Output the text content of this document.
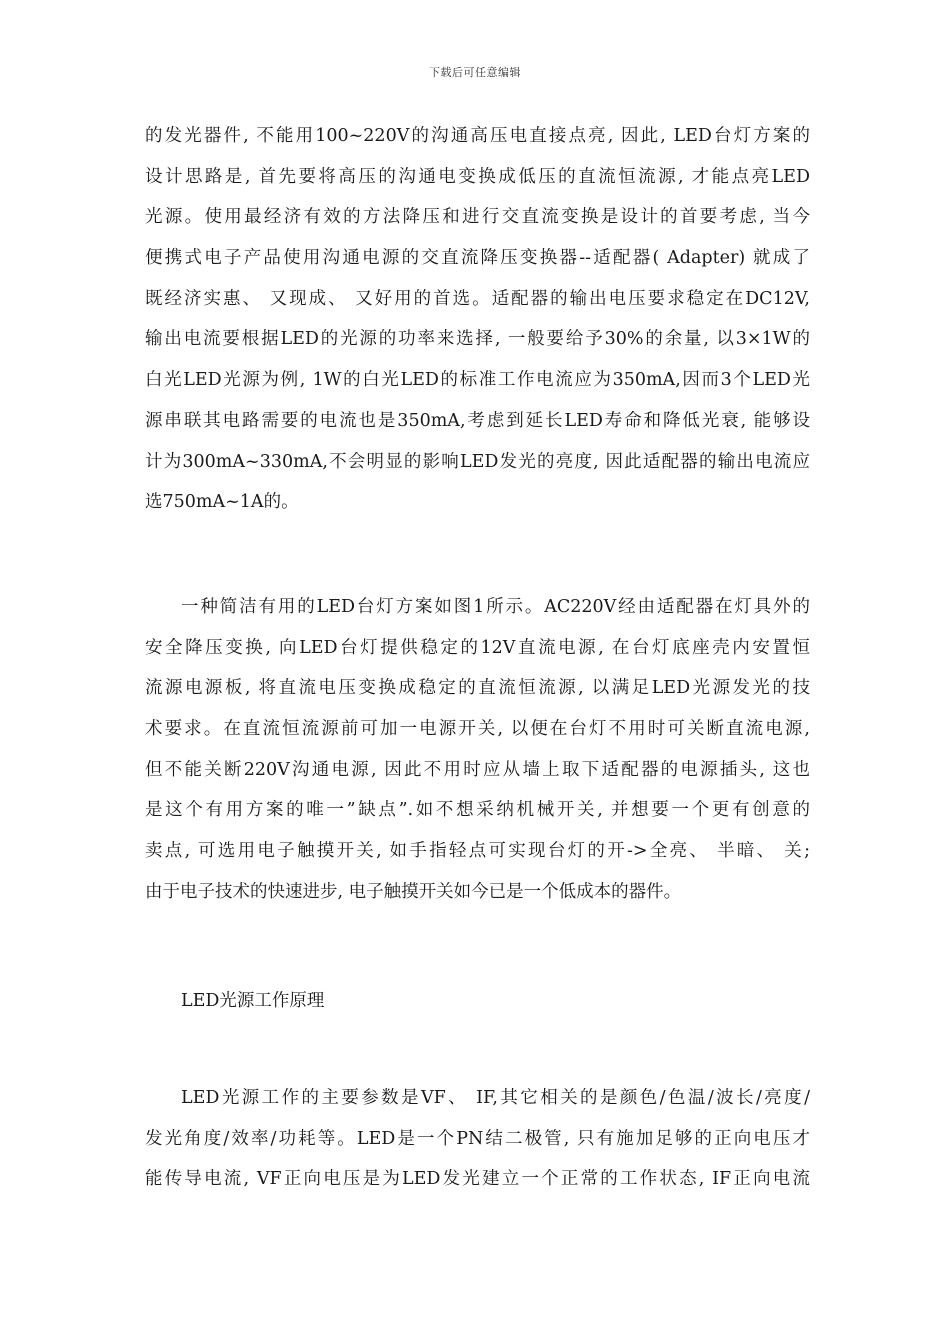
下载后可任意编辑
的发光器件, 不能用100~220V的沟通高压电直接点亮, 因此, LED台灯方案的
设计思路是, 首先要将高压的沟通电变换成低压的直流恒流源, 才能点亮LED
光源。使用最经济有效的方法降压和进行交直流变换是设计的首要考虑, 当今
便携式电子产品使用沟通电源的交直流降压变换器--适配器( Adapter) 就成了
既经济实惠、 又现成、 又好用的首选。适配器的输出电压要求稳定在DC12V,
输出电流要根据LED的光源的功率来选择, 一般要给予30%的余量, 以3×1W的
白光LED光源为例, 1W的白光LED的标准工作电流应为350mA,因而3个LED光
源串联其电路需要的电流也是350mA,考虑到延长LED寿命和降低光衰, 能够设
计为300mA~330mA,不会明显的影响LED发光的亮度, 因此适配器的输出电流应
选750mA~1A的。
一种简洁有用的LED台灯方案如图1所示。AC220V经由适配器在灯具外的
安全降压变换, 向LED台灯提供稳定的12V直流电源, 在台灯底座壳内安置恒
流源电源板, 将直流电压变换成稳定的直流恒流源, 以满足LED光源发光的技
术要求。在直流恒流源前可加一电源开关, 以便在台灯不用时可关断直流电源,
但不能关断220V沟通电源, 因此不用时应从墙上取下适配器的电源插头, 这也
是这个有用方案的唯一”缺点”.如不想采纳机械开关, 并想要一个更有创意的
卖点, 可选用电子触摸开关, 如手指轻点可实现台灯的开->全亮、 半暗、 关;
由于电子技术的快速进步, 电子触摸开关如今已是一个低成本的器件。
LED光源工作原理
LED光源工作的主要参数是VF、 IF,其它相关的是颜色/色温/波长/亮度/
发光角度/效率/功耗等。LED是一个PN结二极管, 只有施加足够的正向电压才
能传导电流, VF正向电压是为LED发光建立一个正常的工作状态, IF正向电流
